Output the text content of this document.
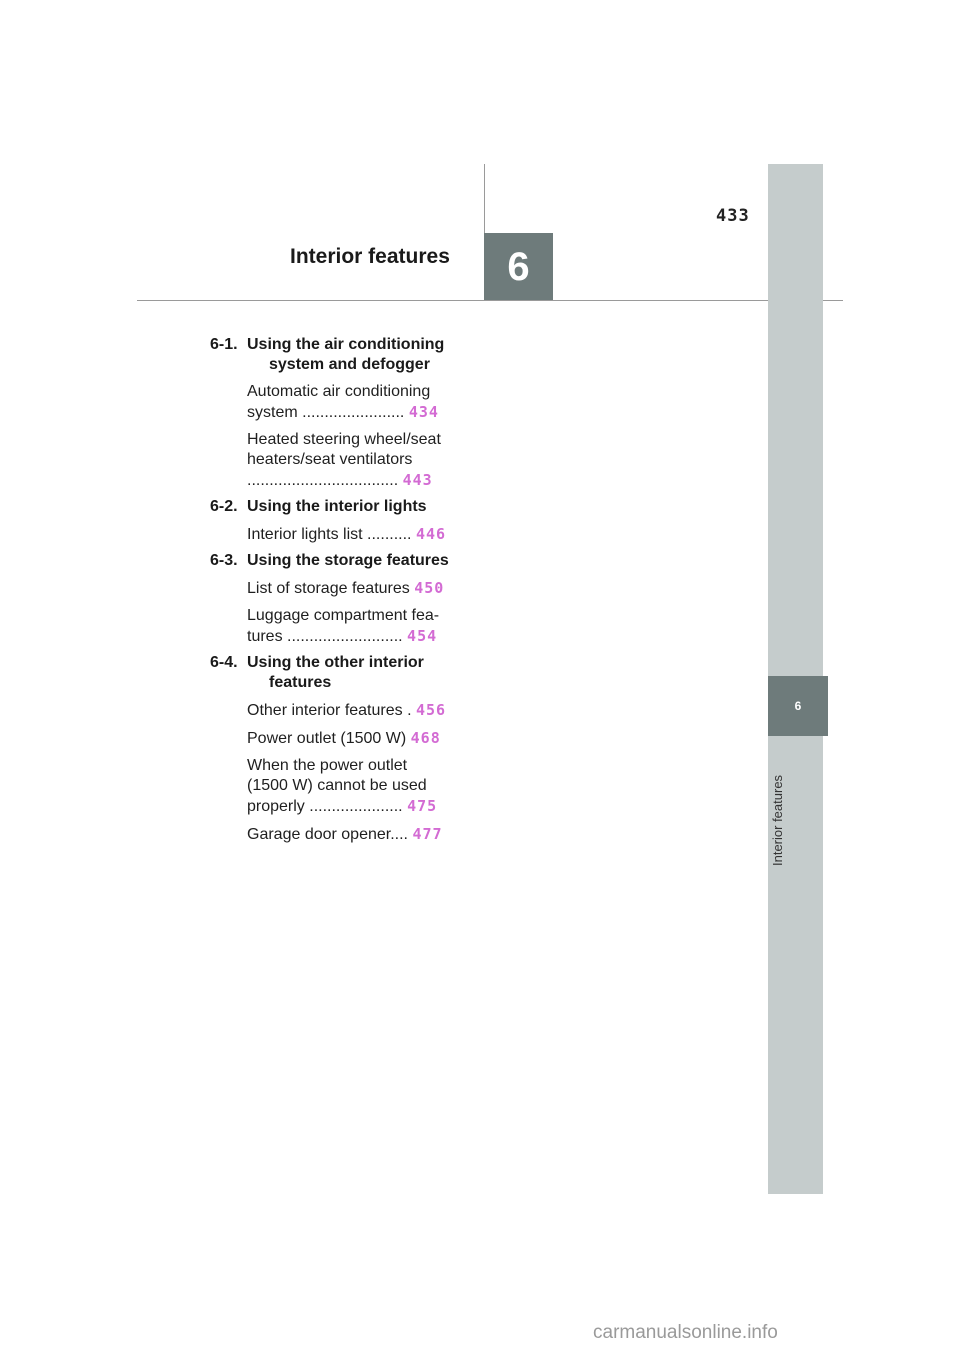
433
Interior features	6
6
Interior features
6-1. Using the air conditioning system and defogger
Automatic air conditioning
system ....................... 434
Heated steering wheel/seat
heaters/seat ventilators
.................................. 443
6-2. Using the interior lights
Interior lights list .......... 446
6-3. Using the storage features
List of storage features 450
Luggage compartment fea-
tures .......................... 454
6-4. Using the other interior features
Other interior features . 456
Power outlet (1500 W) 468
When the power outlet
(1500 W) cannot be used
properly ..................... 475
Garage door opener.... 477
carmanualsonline.info
